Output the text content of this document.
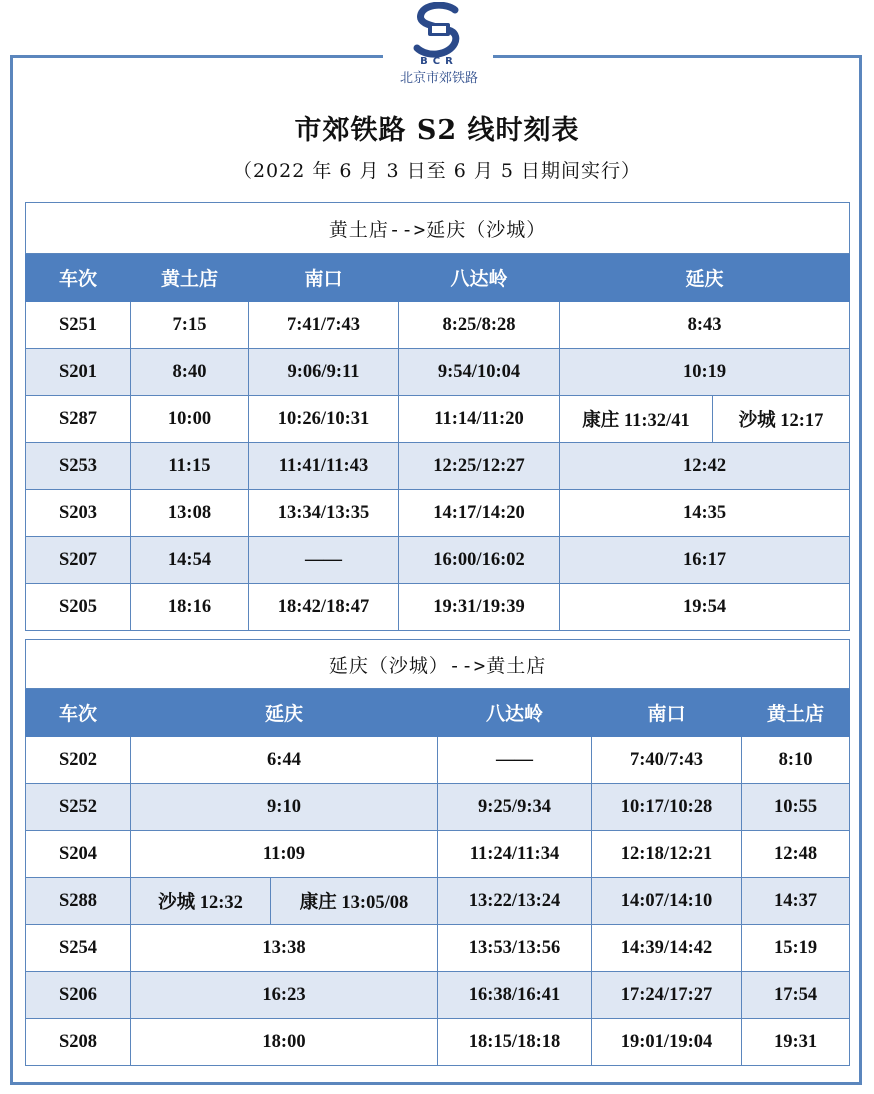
BCR
北京市郊铁路
市郊铁路 S2 线时刻表
（2022 年 6 月 3 日至 6 月 5 日期间实行）
黄土店-->延庆（沙城）					
车次	黄土店	南口	八达岭	延庆	
S251	7:15	7:41/7:43	8:25/8:28	8:43	
S201	8:40	9:06/9:11	9:54/10:04	10:19	
S287	10:00	10:26/10:31	11:14/11:20	康庄 11:32/41	沙城 12:17
S253	11:15	11:41/11:43	12:25/12:27	12:42	
S203	13:08	13:34/13:35	14:17/14:20	14:35	
S207	14:54	——	16:00/16:02	16:17	
S205	18:16	18:42/18:47	19:31/19:39	19:54	
延庆（沙城）-->黄土店					
车次	延庆		八达岭	南口	黄土店
S202	6:44		——	7:40/7:43	8:10
S252	9:10		9:25/9:34	10:17/10:28	10:55
S204	11:09		11:24/11:34	12:18/12:21	12:48
S288	沙城 12:32	康庄 13:05/08	13:22/13:24	14:07/14:10	14:37
S254	13:38		13:53/13:56	14:39/14:42	15:19
S206	16:23		16:38/16:41	17:24/17:27	17:54
S208	18:00		18:15/18:18	19:01/19:04	19:31
